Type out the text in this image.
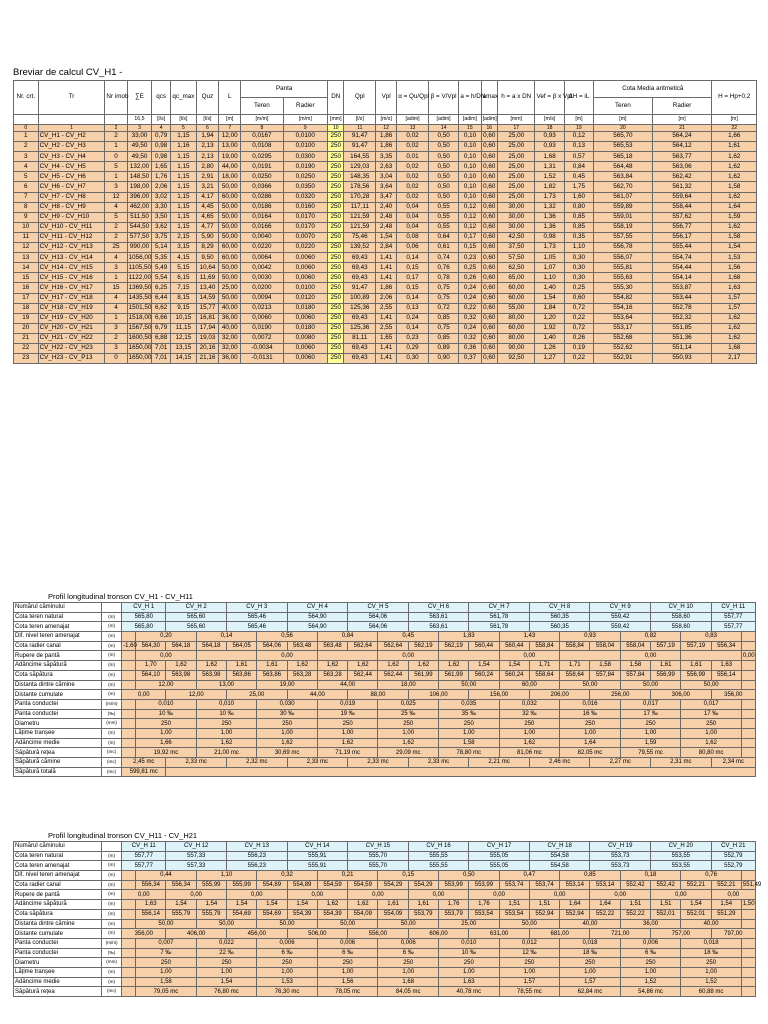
Breviar de calcul CV_H1 -
Nr. crt.	Tr	Nr imob	∑E	qcs	qc_max	Quz	L	Panta		DN	Qpl	Vpl	α = Qu/Qpl	β = V/Vpl	a = h/DN	amax	h = a x DN	Vef = β x Vpl	ΔH = iL	Cota Media aritmetică		H = Hp+0,2
								Teren	Radier											Teren	Radier	
			16,5	[l/s]	[l/s]	[l/s]	[m]	[m/m]	[m/m]	[mm]	[l/s]	[m/s]	[adim]	[adim]	[adim]	[adim]	[mm]	[m/s]	[m]	[m]	[m]	[m]
0	1	2	3	4	5	6	7	8	9	10	11	12	13	14	15	16	17	18	19	20	21	22
1	CV_H1 - CV_H2	2	33,00	0,79	1,15	1,94	12,00	0,0167	0,0100	250	91,47	1,86	0,02	0,50	0,10	0,60	25,00	0,93	0,12	565,70	564,24	1,66
2	CV_H2 - CV_H3	1	49,50	0,98	1,16	2,13	13,00	0,0108	0,0100	250	91,47	1,86	0,02	0,50	0,10	0,60	25,00	0,93	0,13	565,53	564,12	1,61
3	CV_H3 - CV_H4	0	49,50	0,98	1,15	2,13	19,00	0,0295	0,0300	250	164,55	3,35	0,01	0,50	0,10	0,60	25,00	1,68	0,57	565,18	563,77	1,62
4	CV_H4 - CV_H5	5	132,00	1,65	1,15	2,80	44,00	0,0191	0,0190	250	129,03	2,63	0,02	0,50	0,10	0,60	25,00	1,31	0,84	564,48	563,06	1,62
5	CV_H5 - CV_H6	1	148,50	1,76	1,15	2,91	18,00	0,0250	0,0250	250	148,35	3,04	0,02	0,50	0,10	0,60	25,00	1,52	0,45	563,84	562,42	1,62
6	CV_H6 - CV_H7	3	198,00	2,06	1,15	3,21	50,00	0,0366	0,0350	250	178,56	3,64	0,02	0,50	0,10	0,60	25,00	1,82	1,75	562,70	561,32	1,58
7	CV_H7 - CV_H8	12	396,00	3,02	1,15	4,17	60,00	0,0286	0,0320	250	170,28	3,47	0,02	0,50	0,10	0,60	25,00	1,73	1,60	561,07	559,64	1,62
8	CV_H8 - CV_H9	4	462,00	3,30	1,15	4,45	50,00	0,0186	0,0160	250	117,11	2,40	0,04	0,55	0,12	0,60	30,00	1,32	0,80	559,89	558,44	1,64
9	CV_H9 - CV_H10	5	511,50	3,50	1,15	4,65	50,00	0,0164	0,0170	250	121,59	2,48	0,04	0,55	0,12	0,60	30,00	1,36	0,85	559,01	557,62	1,59
10	CV_H10 - CV_H11	2	544,50	3,62	1,15	4,77	50,00	0,0166	0,0170	250	121,59	2,48	0,04	0,55	0,12	0,60	30,00	1,36	0,85	558,19	556,77	1,62
11	CV_H11 - CV_H12	2	577,50	3,75	2,15	5,90	50,00	0,0040	0,0070	250	75,46	1,54	0,08	0,64	0,17	0,60	42,50	0,98	0,35	557,55	556,17	1,58
12	CV_H12 - CV_H13	25	990,00	5,14	3,15	8,29	60,00	0,0220	0,0220	250	139,52	2,84	0,06	0,61	0,15	0,60	37,50	1,73	1,10	556,78	555,44	1,54
13	CV_H13 - CV_H14	4	1056,00	5,35	4,15	9,50	60,00	0,0064	0,0060	250	69,43	1,41	0,14	0,74	0,23	0,60	57,50	1,05	0,30	556,07	554,74	1,53
14	CV_H14 - CV_H15	3	1105,50	5,49	5,15	10,64	50,00	0,0042	0,0060	250	69,43	1,41	0,15	0,76	0,25	0,60	62,50	1,07	0,30	555,81	554,44	1,56
15	CV_H15 - CV_H16	1	1122,00	5,54	6,15	11,69	50,00	0,0030	0,0060	250	69,43	1,41	0,17	0,78	0,26	0,60	65,00	1,10	0,30	555,63	554,14	1,68
16	CV_H16 - CV_H17	15	1369,50	6,25	7,15	13,40	25,00	0,0200	0,0100	250	91,47	1,86	0,15	0,75	0,24	0,60	60,00	1,40	0,25	555,30	553,87	1,63
17	CV_H17 - CV_H18	4	1435,50	6,44	8,15	14,59	50,00	0,0094	0,0120	250	100,89	2,06	0,14	0,75	0,24	0,60	60,00	1,54	0,60	554,82	553,44	1,57
18	CV_H18 - CV_H19	4	1501,50	6,62	9,15	15,77	40,00	0,0213	0,0180	250	125,36	2,55	0,13	0,72	0,22	0,60	55,00	1,84	0,72	554,16	552,78	1,57
19	CV_H19 - CV_H20	1	1518,00	6,66	10,15	16,81	36,00	0,0060	0,0060	250	69,43	1,41	0,24	0,85	0,32	0,60	80,00	1,20	0,22	553,64	552,32	1,62
20	CV_H20 - CV_H21	3	1567,50	6,79	11,15	17,94	40,00	0,0190	0,0180	250	125,36	2,55	0,14	0,75	0,24	0,60	60,00	1,92	0,72	553,17	551,85	1,62
21	CV_H21 - CV_H22	2	1600,50	6,88	12,15	19,03	32,00	0,0072	0,0080	250	81,11	1,65	0,23	0,85	0,32	0,60	80,00	1,40	0,26	552,68	551,36	1,62
22	CV_H22 - CV_H23	3	1650,00	7,01	13,15	20,16	32,00	-0,0034	0,0060	250	69,43	1,41	0,29	0,89	0,36	0,60	90,00	1,26	0,19	552,62	551,14	1,68
23	CV_H23 - CV_P13	0	1650,00	7,01	14,15	21,16	36,00	-0,0131	0,0060	250	69,43	1,41	0,30	0,90	0,37	0,60	92,50	1,27	0,22	552,91	550,93	2,17
Profil longitudinal tronson CV_H1 - CV_H11
Numărul căminului		CV_H 1		CV_H 2		CV_H 3		CV_H 4		CV_H 5		CV_H 6		CV_H 7		CV_H 8		CV_H 9		CV_H 10		CV_H 11	
Cota teren natural	(m)	565,80		565,60		565,46		564,90		564,06		563,61		561,78		560,35		559,42		558,60		557,77	
Cota teren amenajat	(m)	565,80		565,60		565,46		564,90		564,06		563,61		561,78		560,35		559,42		558,60		557,77	
Dif. nivel teren amenajat	(m)		0,20		0,14		0,56		0,84		0,45		1,83		1,43		0,93		0,82		0,83		
Cota radier canal	(m)	-1,60	564,30	564,18	564,18	564,05	564,06	563,48	563,48	562,64	562,64	562,19	562,19	560,44	560,44	558,84	558,84	558,04	558,04	557,19	557,19	556,34	
Rupere de pantă	(m)		0,00				0,00				0,00				0,00				0,00				0,00
Adâncime săpătură	(m)		1,70	1,62	1,62	1,61	1,61	1,62	1,62	1,62	1,62	1,62	1,62	1,54	1,54	1,71	1,71	1,58	1,58	1,61	1,61	1,63	
Cota săpătura	(m)		564,10	563,98	563,98	563,86	563,86	563,28	563,28	562,44	562,44	561,99	561,99	560,24	560,24	558,64	558,64	557,84	557,84	556,99	556,99	556,14	
Distanta dintre cămine	(m)		12,00		13,00		19,00		44,00		18,00		50,00		60,00		50,00		50,00		50,00		
Distante cumulate	(m)	0,00		12,00		25,00		44,00		88,00		106,00		156,00		206,00		256,00		306,00		356,00	
Panta conductei	(m/m)		0,010		0,010		0,030		0,019		0,025		0,035		0,032		0,016		0,017		0,017		
Panta conductei	(‰)		10 ‰		10 ‰		30 ‰		19 ‰		25 ‰		35 ‰		32 ‰		16 ‰		17 ‰		17 ‰		
Diametru	(mm)		250		250		250		250		250		250		250		250		250		250		
Lățime tranșee	(m)		1,00		1,00		1,00		1,00		1,00		1,00		1,00		1,00		1,00		1,00		
Adâncime medie	(m)		1,66		1,62		1,62		1,62		1,62		1,58		1,62		1,64		1,59		1,62		
Săpătură rețea	(mc)		19,92 mc		21,00 mc		30,69 mc		71,19 mc		29,09 mc		78,80 mc		81,06 mc		82,05 mc		79,55 mc		80,80 mc		
Săpătură cămine	(mc)	2,45 mc		2,33 mc		2,32 mc		2,33 mc		2,33 mc		2,33 mc		2,21 mc		2,46 mc		2,27 mc		2,31 mc		2,34 mc	
Săpătură totală	(mc)	599,81 mc																					
Profil longitudinal tronson CV_H11 - CV_H21
Numărul căminului		CV_H 11		CV_H 12		CV_H 13		CV_H 14		CV_H 15		CV_H 16		CV_H 17		CV_H 18		CV_H 19		CV_H 20		CV_H 21	
Cota teren natural	(m)	557,77		557,33		556,23		555,91		555,70		555,55		555,05		554,58		553,73		553,55		552,79	
Cota teren amenajat	(m)	557,77		557,33		556,23		555,91		555,70		555,55		555,05		554,58		553,73		553,55		552,79	
Dif. nivel teren amenajat	(m)		0,44		1,10		0,32		0,21		0,15		0,50		0,47		0,85		0,18		0,76		
Cota radier canal	(m)		556,34	556,34	555,99	555,99	554,89	554,89	554,59	554,59	554,29	554,29	553,99	553,99	553,74	553,74	553,14	553,14	552,42	552,42	552,21	552,21	551,49
Rupere de pantă	(m)	0,00		0,00		0,00		0,00		0,00		0,00		0,00		0,00		0,00		0,00		0,00	
Adâncime săpătură	(m)		1,63	1,54	1,54	1,54	1,54	1,54	1,62	1,62	1,61	1,61	1,76	1,76	1,51	1,51	1,64	1,64	1,51	1,51	1,54	1,54	1,50
Cota săpătura	(m)		556,14	555,79	555,79	554,69	554,69	554,39	554,39	554,09	554,09	553,79	553,79	553,54	553,54	552,94	552,94	552,22	552,22	552,01	552,01	551,29	
Distanta dintre cămine	(m)		50,00		50,00		50,00		50,00		50,00		25,00		50,00		40,00		36,00		40,00		
Distante cumulate	(m)	356,00		406,00		456,00		506,00		556,00		606,00		631,00		681,00		721,00		757,00		797,00	
Panta conductei	(m/m)		0,007		0,022		0,006		0,006		0,006		0,010		0,012		0,018		0,006		0,018		
Panta conductei	(‰)		7 ‰		22 ‰		6 ‰		6 ‰		6 ‰		10 ‰		12 ‰		18 ‰		6 ‰		18 ‰		
Diametru	(mm)		250		250		250		250		250		250		250		250		250		250		
Lățime tranșee	(m)		1,00		1,00		1,00		1,00		1,00		1,00		1,00		1,00		1,00		1,00		
Adâncime medie	(m)		1,58		1,54		1,53		1,56		1,68		1,63		1,57		1,57		1,52		1,52		
Săpătură rețea	(mc)		79,05 mc		76,80 mc		76,30 mc		78,05 mc		84,05 mc		40,78 mc		78,55 mc		62,84 mc		54,86 mc		60,88 mc		
